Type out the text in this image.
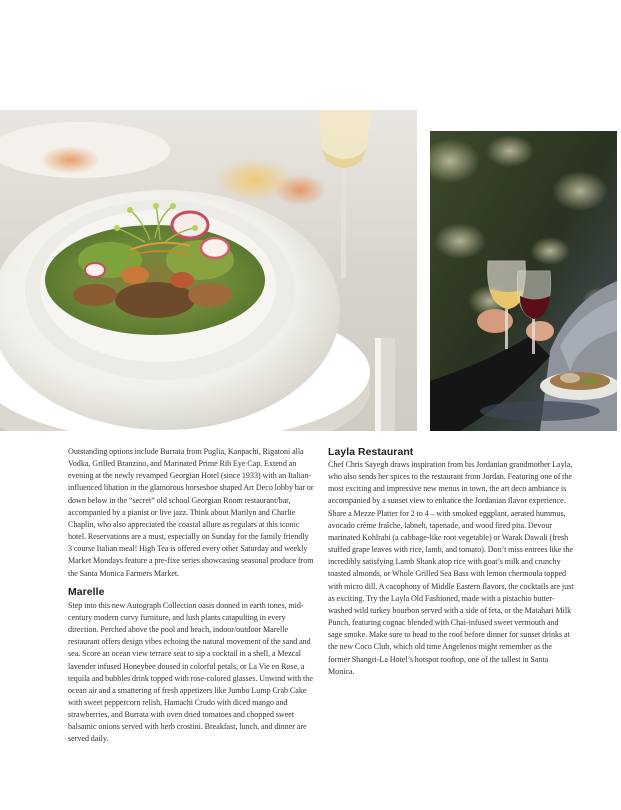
Outstanding options include Burrata from Puglia, Kanpachi, Rigatoni alla Vodka, Grilled Branzino, and Marinated Prime Rib Eye Cap. Extend an evening at the newly revamped Georgian Hotel (since 1933) with an Italian-influenced libation in the glamorous horseshoe shaped Art Deco lobby bar or down below in the “secret” old school Georgian Room restaurant/bar, accompanied by a pianist or live jazz. Think about Marilyn and Charlie Chaplin, who also appreciated the coastal allure as regulars at this iconic hotel. Reservations are a must, especially on Sunday for the family friendly 3 course Italian meal! High Tea is offered every other Saturday and weekly Market Mondays feature a pre-fixe series showcasing seasonal produce from the Santa Monica Farmers Market.

Marelle

Step into this new Autograph Collection oasis donned in earth tones, mid-century modern curvy furniture, and lush plants catapulting in every direction. Perched above the pool and beach, indoor/outdoor Marelle restaurant offers design vibes echoing the natural movement of the sand and sea. Score an ocean view terrace seat to sip a cocktail in a shell, a Mezcal lavender infused Honeybee doused in colorful petals, or La Vie en Rose, a tequila and bubbles drink topped with rose-colored glasses. Unwind with the ocean air and a smattering of fresh appetizers like Jumbo Lump Crab Cake with sweet peppercorn relish, Hamachi Crudo with diced mango and strawberries, and Burrata with oven dried tomatoes and chopped sweet balsamic onions served with herb crostini. Breakfast, lunch, and dinner are served daily.

Layla Restaurant

Chef Chris Sayegh draws inspiration from his Jordanian grandmother Layla, who also sends her spices to the restaurant from Jordan. Featuring one of the most exciting and impressive new menus in town, the art deco ambiance is accompanied by a sunset view to enhance the Jordanian flavor experience. Share a Mezze Platter for 2 to 4 – with smoked eggplant, aerated hummus, avocado crème fraîche, labneh, tapenade, and wood fired pita. Devour marinated Kohlrabi (a cabbage-like root vegetable) or Warak Dawali (fresh stuffed grape leaves with rice, lamb, and tomato). Don’t miss entrees like the incredibly satisfying Lamb Shank atop rice with goat’s milk and crunchy toasted almonds, or Whole Grilled Sea Bass with lemon chermoula topped with micro dill. A cacophony of Middle Eastern flavors, the cocktails are just as exciting. Try the Layla Old Fashioned, made with a pistachio butter-washed wild turkey bourbon served with a side of feta, or the Matahari Milk Punch, featuring cognac blended with Chai-infused sweet vermouth and sage smoke. Make sure to head to the roof before dinner for sunset drinks at the new Coco Club, which old time Angelenos might remember as the former Shangri-La Hotel’s hotspot rooftop, one of the tallest in Santa Monica.
